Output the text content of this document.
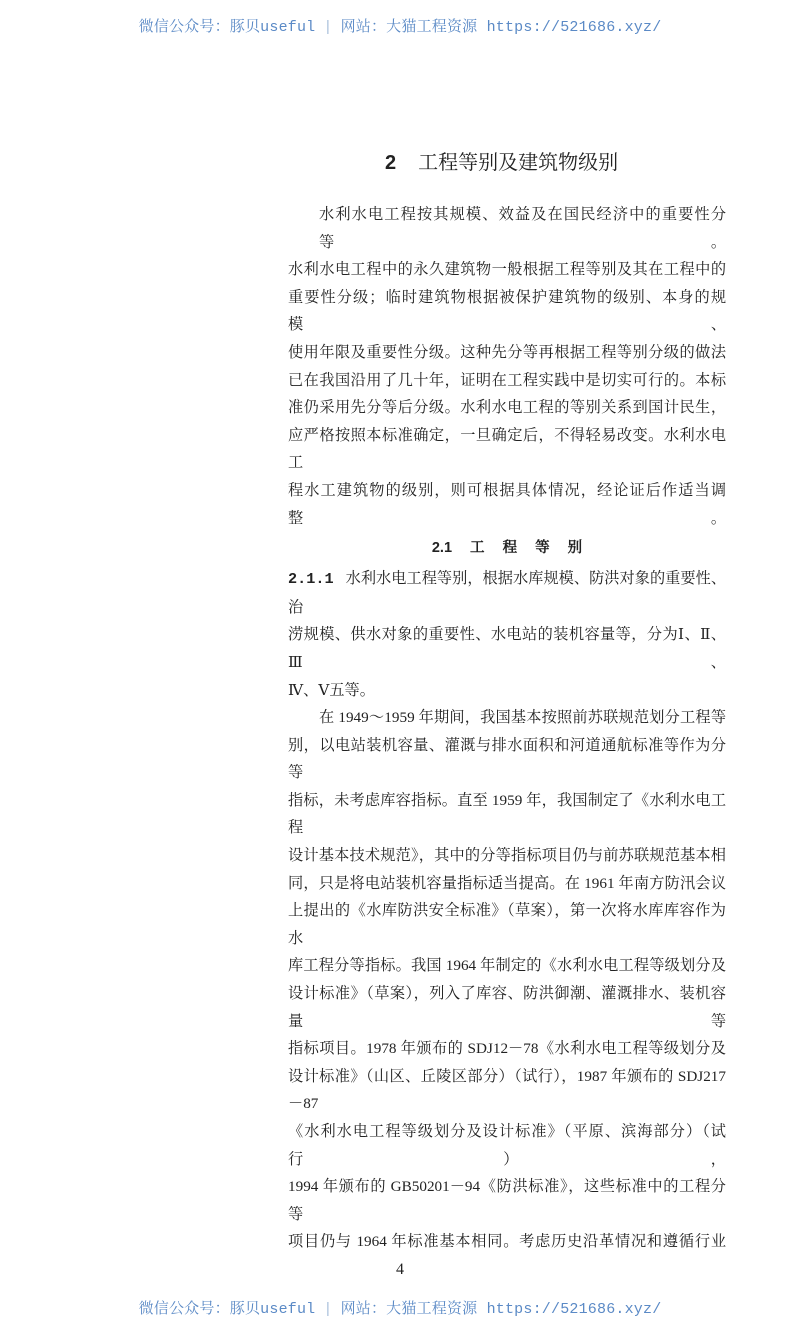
微信公众号：豚贝useful | 网站：大猫工程资源 https://521686.xyz/
2 工程等别及建筑物级别
水利水电工程按其规模、效益及在国民经济中的重要性分等。
水利水电工程中的永久建筑物一般根据工程等别及其在工程中的
重要性分级；临时建筑物根据被保护建筑物的级别、本身的规模、
使用年限及重要性分级。这种先分等再根据工程等别分级的做法
已在我国沿用了几十年，证明在工程实践中是切实可行的。本标
准仍采用先分等后分级。水利水电工程的等别关系到国计民生，
应严格按照本标准确定，一旦确定后，不得轻易改变。水利水电工
程水工建筑物的级别，则可根据具体情况，经论证后作适当调整。
2.1 工 程 等 别
2.1.1 水利水电工程等别，根据水库规模、防洪对象的重要性、治
涝规模、供水对象的重要性、水电站的装机容量等，分为Ⅰ、Ⅱ、Ⅲ、
Ⅳ、Ⅴ五等。
在 1949～1959 年期间，我国基本按照前苏联规范划分工程等
别，以电站装机容量、灌溉与排水面积和河道通航标准等作为分等
指标，未考虑库容指标。直至 1959 年，我国制定了《水利水电工程
设计基本技术规范》，其中的分等指标项目仍与前苏联规范基本相
同，只是将电站装机容量指标适当提高。在 1961 年南方防汛会议
上提出的《水库防洪安全标准》（草案），第一次将水库库容作为水
库工程分等指标。我国 1964 年制定的《水利水电工程等级划分及
设计标准》（草案），列入了库容、防洪御潮、灌溉排水、装机容量等
指标项目。1978 年颁布的 SDJ12－78《水利水电工程等级划分及
设计标准》（山区、丘陵区部分）（试行），1987 年颁布的 SDJ217－87
《水利水电工程等级划分及设计标准》（平原、滨海部分）（试行），
1994 年颁布的 GB50201－94《防洪标准》，这些标准中的工程分等
项目仍与 1964 年标准基本相同。考虑历史沿革情况和遵循行业
4
微信公众号：豚贝useful | 网站：大猫工程资源 https://521686.xyz/
